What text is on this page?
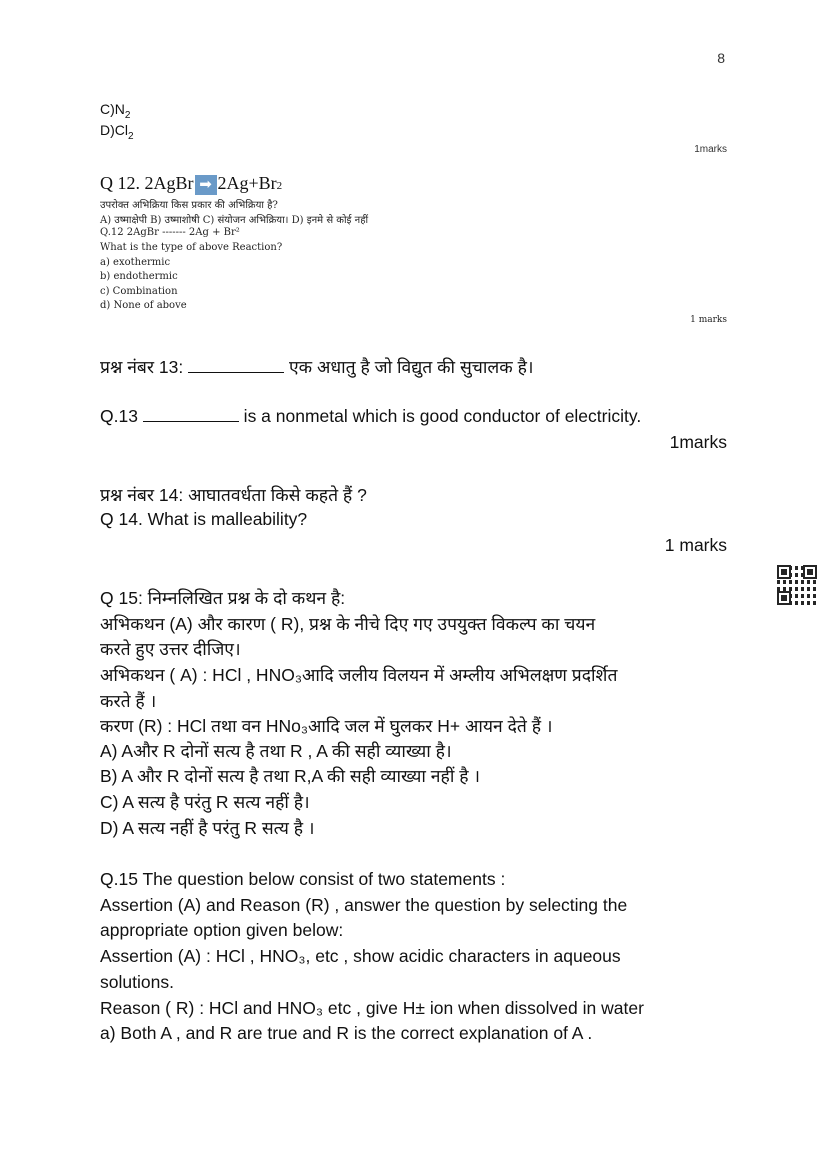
8
$C)N_2$
$D)Cl_2$
1marks
Q 12. 2AgBr ➡ 2Ag+Br2
उपरोक्त अभिक्रिया किस प्रकार की अभिक्रिया है?
A) उष्माक्षेपी B) उष्माशोषी C) संयोजन अभिक्रिया। D) इनमे से कोई नहीं
Q.12 2AgBr ------- 2Ag + Br²
What is the type of above Reaction?
a) exothermic
b) endothermic
c) Combination
d) None of above
1 marks
प्रश्न नंबर 13:	एक अधातु है जो विद्युत की सुचालक है।
Q.13	is a nonmetal which is good conductor of electricity.
1marks
प्रश्न नंबर 14: आघातवर्धता किसे कहते हैं ?
Q 14. What is malleability?
1 marks
Q 15: निम्नलिखित प्रश्न के दो कथन है:
अभिकथन (A) और कारण ( R), प्रश्न के नीचे दिए गए उपयुक्त विकल्प का चयन
करते हुए उत्तर दीजिए।
अभिकथन ( A) : HCl , HNO₃आदि जलीय विलयन में अम्लीय अभिलक्षण प्रदर्शित
करते हैं ।
करण (R) : HCl तथा वन HNo₃आदि जल में घुलकर H+ आयन देते हैं ।
A) Aऔर R दोनों सत्य है तथा R , A की सही व्याख्या है।
B) A और R दोनों सत्य है तथा R,A की सही व्याख्या नहीं है ।
C) A सत्य है परंतु R सत्य नहीं है।
D) A सत्य नहीं है परंतु R सत्य है ।
Q.15 The question below consist of two statements :
Assertion (A) and Reason (R) , answer the question by selecting the
appropriate option given below:
Assertion (A) : HCl , HNO₃, etc , show acidic characters in aqueous
solutions.
Reason ( R) : HCl and HNO₃ etc , give H± ion when dissolved in water
a) Both A , and R are true and R is the correct explanation of A .
